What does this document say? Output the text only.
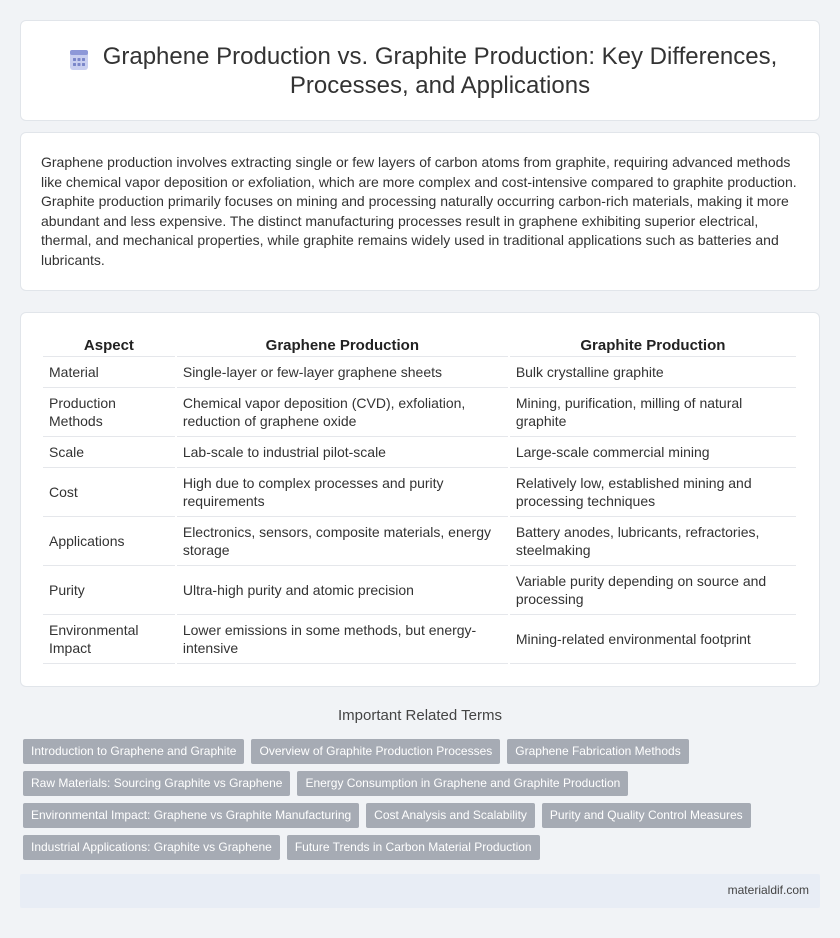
Graphene Production vs. Graphite Production: Key Differences, Processes, and Applications

Graphene production involves extracting single or few layers of carbon atoms from graphite, requiring advanced methods like chemical vapor deposition or exfoliation, which are more complex and cost-intensive compared to graphite production. Graphite production primarily focuses on mining and processing naturally occurring carbon-rich materials, making it more abundant and less expensive. The distinct manufacturing processes result in graphene exhibiting superior electrical, thermal, and mechanical properties, while graphite remains widely used in traditional applications such as batteries and lubricants.

Aspect	Graphene Production	Graphite Production
Material	Single-layer or few-layer graphene sheets	Bulk crystalline graphite
Production Methods	Chemical vapor deposition (CVD), exfoliation, reduction of graphene oxide	Mining, purification, milling of natural graphite
Scale	Lab-scale to industrial pilot-scale	Large-scale commercial mining
Cost	High due to complex processes and purity requirements	Relatively low, established mining and processing techniques
Applications	Electronics, sensors, composite materials, energy storage	Battery anodes, lubricants, refractories, steelmaking
Purity	Ultra-high purity and atomic precision	Variable purity depending on source and processing
Environmental Impact	Lower emissions in some methods, but energy-intensive	Mining-related environmental footprint
Important Related Terms
Introduction to Graphene and Graphite	Overview of Graphite Production Processes	Graphene Fabrication Methods
Raw Materials: Sourcing Graphite vs Graphene	Energy Consumption in Graphene and Graphite Production
Environmental Impact: Graphene vs Graphite Manufacturing	Cost Analysis and Scalability	Purity and Quality Control Measures
Industrial Applications: Graphite vs Graphene	Future Trends in Carbon Material Production
materialdif.com
